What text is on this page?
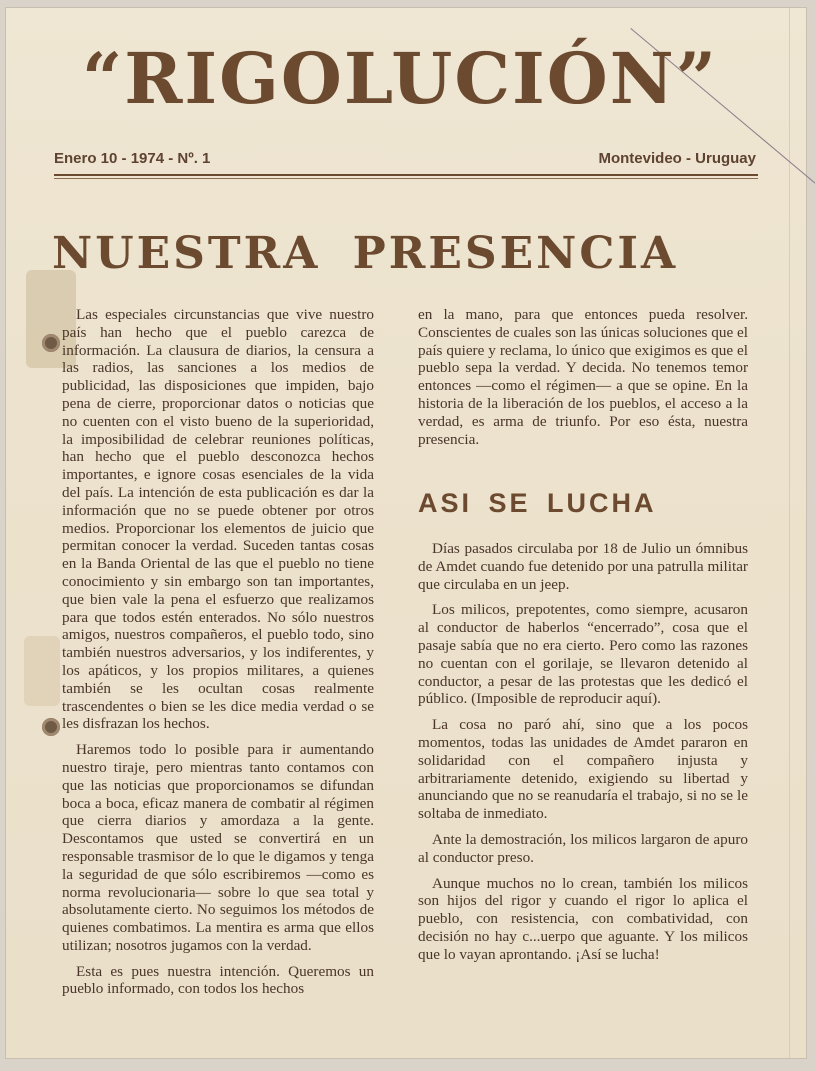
“RIGOLUCIÓN”
Enero 10 - 1974 - Nº. 1	Montevideo - Uruguay
NUESTRA PRESENCIA

Las especiales circunstancias que vive nuestro país han hecho que el pueblo carezca de información. La clausura de diarios, la censura a las radios, las sanciones a los medios de publicidad, las disposiciones que impiden, bajo pena de cierre, proporcionar datos o noticias que no cuenten con el visto bueno de la superioridad, la imposibilidad de celebrar reuniones políticas, han hecho que el pueblo desconozca hechos importantes, e ignore cosas esenciales de la vida del país. La intención de esta publicación es dar la información que no se puede obtener por otros medios. Proporcionar los elementos de juicio que permitan conocer la verdad. Suceden tantas cosas en la Banda Oriental de las que el pueblo no tiene conocimiento y sin embargo son tan importantes, que bien vale la pena el esfuerzo que realizamos para que todos estén enterados. No sólo nuestros amigos, nuestros compañeros, el pueblo todo, sino también nuestros adversarios, y los indiferentes, y los apáticos, y los propios militares, a quienes también se les ocultan cosas realmente trascendentes o bien se les dice media verdad o se les disfrazan los hechos.

Haremos todo lo posible para ir aumentando nuestro tiraje, pero mientras tanto contamos con que las noticias que proporcionamos se difundan boca a boca, eficaz manera de combatir al régimen que cierra diarios y amordaza a la gente. Descontamos que usted se convertirá en un responsable trasmisor de lo que le digamos y tenga la seguridad de que sólo escribiremos —como es norma revolucionaria— sobre lo que sea total y absolutamente cierto. No seguimos los métodos de quienes combatimos. La mentira es arma que ellos utilizan; nosotros jugamos con la verdad.

Esta es pues nuestra intención. Queremos un pueblo informado, con todos los hechos

en la mano, para que entonces pueda resolver. Conscientes de cuales son las únicas soluciones que el país quiere y reclama, lo único que exigimos es que el pueblo sepa la verdad. Y decida. No tenemos temor entonces —como el régimen— a que se opine. En la historia de la liberación de los pueblos, el acceso a la verdad, es arma de triunfo. Por eso ésta, nuestra presencia.

ASI SE LUCHA

Días pasados circulaba por 18 de Julio un ómnibus de Amdet cuando fue detenido por una patrulla militar que circulaba en un jeep.

Los milicos, prepotentes, como siempre, acusaron al conductor de haberlos “encerrado”, cosa que el pasaje sabía que no era cierto. Pero como las razones no cuentan con el gorilaje, se llevaron detenido al conductor, a pesar de las protestas que les dedicó el público. (Imposible de reproducir aquí).

La cosa no paró ahí, sino que a los pocos momentos, todas las unidades de Amdet pararon en solidaridad con el compañero injusta y arbitrariamente detenido, exigiendo su libertad y anunciando que no se reanudaría el trabajo, si no se le soltaba de inmediato.

Ante la demostración, los milicos largaron de apuro al conductor preso.

Aunque muchos no lo crean, también los milicos son hijos del rigor y cuando el rigor lo aplica el pueblo, con resistencia, con combatividad, con decisión no hay c...uerpo que aguante. Y los milicos que lo vayan aprontando. ¡Así se lucha!
